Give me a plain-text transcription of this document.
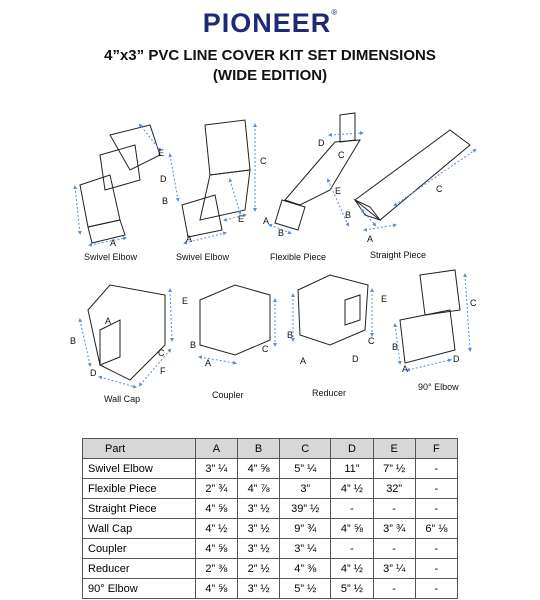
PIONEER®
4”x3” PVC LINE COVER KIT SET DIMENSIONS
(WIDE EDITION)
Swivel Elbow	Swivel Elbow	Flexible Piece	Straight Piece
Wall Cap	Coupler	Reducer
90° Elbow
D
A
E
B
C
A
E
D
C
E
A
B
C
B
A
A
B
D
C
F
E
B
A
C
E
B
A
C
D
C
B
A
D
Part	A	B	C	D	E	F
Swivel Elbow	3” ¼	4” ⅝	5” ¼	11”	7” ½	-
Flexible Piece	2” ¾	4” ⅞	3”	4” ½	32”	-
Straight Piece	4” ⅝	3” ½	39” ½	-	-	-
Wall Cap	4” ½	3” ½	9” ¾	4” ⅝	3” ¾	6” ⅛
Coupler	4” ⅝	3” ½	3” ¼	-	-	-
Reducer	2” ⅜	2” ½	4” ⅜	4” ½	3” ¼	-
90° Elbow	4” ⅝	3” ½	5” ½	5” ½	-	-
